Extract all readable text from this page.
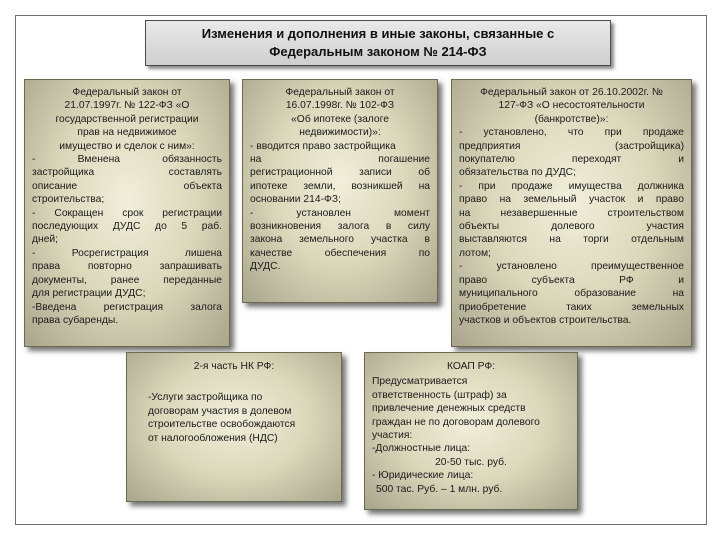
Изменения и дополнения в иные законы, связанные с
Федеральным законом № 214-ФЗ
Федеральный закон от
21.07.1997г. № 122-ФЗ «О
государственной регистрации
прав на недвижимое
имущество и сделок с ним»:
- Вменена обязанность
застройщика составлять
описание объекта
строительства;
- Сокращен срок регистрации
последующих ДУДС до 5 раб.
дней;
- Росрегистрация лишена
права повторно запрашивать
документы, ранее переданные
для регистрации ДУДС;
-Введена регистрация залога
права субаренды.
Федеральный закон от
16.07.1998г. № 102-ФЗ
«Об ипотеке (залоге
недвижимости)»:
- вводится право застройщика
на погашение
регистрационной записи об
ипотеке земли, возникшей на
основании 214-ФЗ;
- установлен момент
возникновения залога в силу
закона земельного участка в
качестве обеспечения по
ДУДС.
Федеральный закон от 26.10.2002г. №
127-ФЗ «О несостоятельности
(банкротстве)»:
- установлено, что при продаже
предприятия (застройщика)
покупателю переходят и
обязательства по ДУДС;
- при продаже имущества должника
право на земельный участок и право
на незавершенные строительством
объекты долевого участия
выставляются на торги отдельным
лотом;
- установлено преимущественное
право субъекта РФ и
муниципального образование на
приобретение таких земельных
участков и объектов строительства.
2-я часть НК РФ:
-Услуги застройщика по
договорам участия в долевом
строительстве освобождаются
от налогообложения (НДС)
КОАП РФ:
Предусматривается
ответственность (штраф) за
привлечение денежных средств
граждан не по договорам долевого
участия:
-Должностные лица:
20-50 тыс. руб.
- Юридические лица:
500 тас. Руб. – 1 млн. руб.
